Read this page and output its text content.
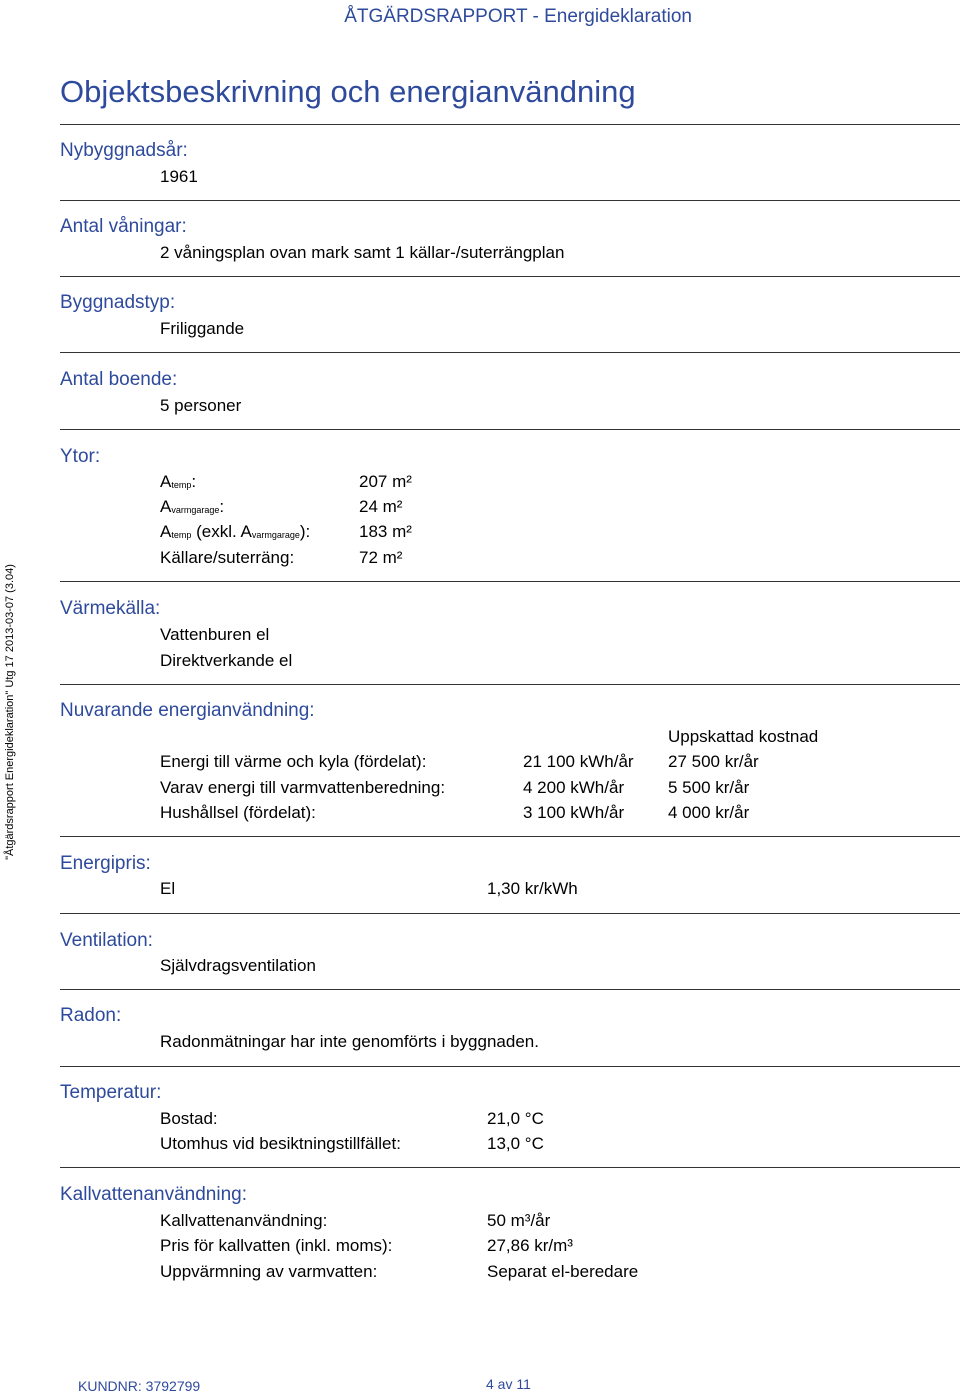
ÅTGÄRDSRAPPORT - Energideklaration
Objektsbeskrivning och energianvändning
"Åtgärdsrapport Energideklaration" Utg 17 2013-03-07 (3.04)
Nybyggnadsår:
1961
Antal våningar:
2 våningsplan ovan mark samt 1 källar-/suterrängplan
Byggnadstyp:
Friliggande
Antal boende:
5 personer
Ytor:
Atemp:	207 m²
Avarmgarage:	24 m²
Atemp (exkl. Avarmgarage):	183 m²
Källare/suterräng:	72 m²
Värmekälla:
Vattenburen el
Direktverkande el
Nuvarande energianvändning:
Uppskattad kostnad
Energi till värme och kyla (fördelat):	21 100 kWh/år 27 500 kr/år
Varav energi till varmvattenberedning:	4 200 kWh/år	5 500 kr/år
Hushållsel (fördelat):	3 100 kWh/år	4 000 kr/år
Energipris:
El	1,30 kr/kWh
Ventilation:
Självdragsventilation
Radon:
Radonmätningar har inte genomförts i byggnaden.
Temperatur:
Bostad:	21,0 °C
Utomhus vid besiktningstillfället:	13,0 °C
Kallvattenanvändning:
Kallvattenanvändning:	50 m³/år
Pris för kallvatten (inkl. moms):	27,86 kr/m³
Uppvärmning av varmvatten:	Separat el-beredare
KUNDNR: 3792799	4 av 11
